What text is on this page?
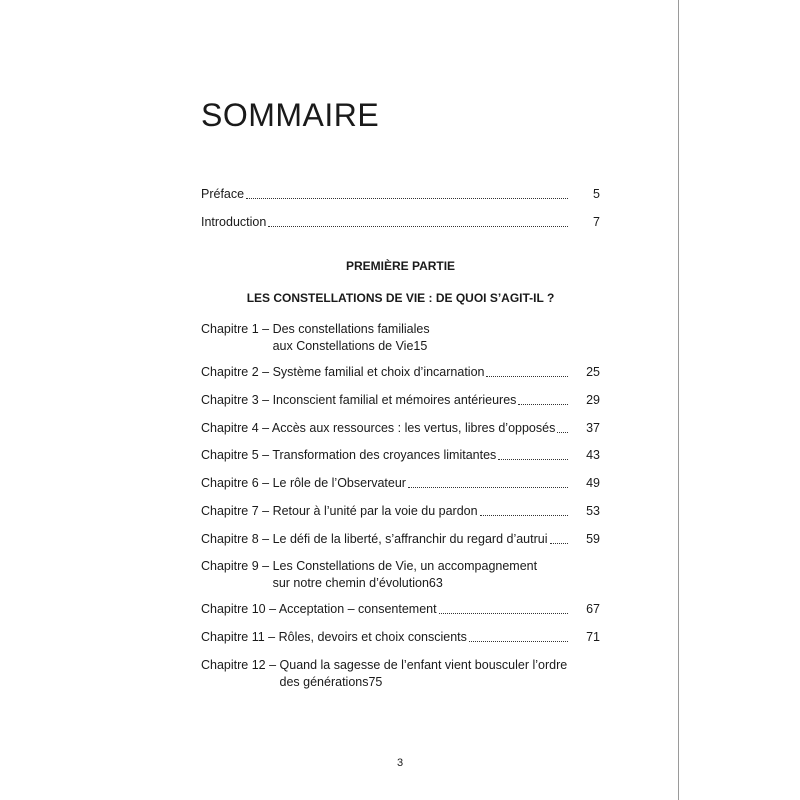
SOMMAIRE
Préface	5
Introduction	7
PREMIÈRE PARTIE
LES CONSTELLATIONS DE VIE : DE QUOI S’AGIT-IL ?
Chapitre 1 – Des constellations familiales
aux Constellations de Vie 15
Chapitre 2 – Système familial et choix d’incarnation	25
Chapitre 3 – Inconscient familial et mémoires antérieures	29
Chapitre 4 – Accès aux ressources : les vertus, libres d’opposés	37
Chapitre 5 – Transformation des croyances limitantes	43
Chapitre 6 – Le rôle de l’Observateur	49
Chapitre 7 – Retour à l’unité par la voie du pardon	53
Chapitre 8 – Le défi de la liberté, s’affranchir du regard d’autrui	59
Chapitre 9 – Les Constellations de Vie, un accompagnement
sur notre chemin d’évolution 63
Chapitre 10 – Acceptation – consentement	67
Chapitre 11 – Rôles, devoirs et choix conscients	71
Chapitre 12 – Quand la sagesse de l’enfant vient bousculer l’ordre
des générations 75
3
